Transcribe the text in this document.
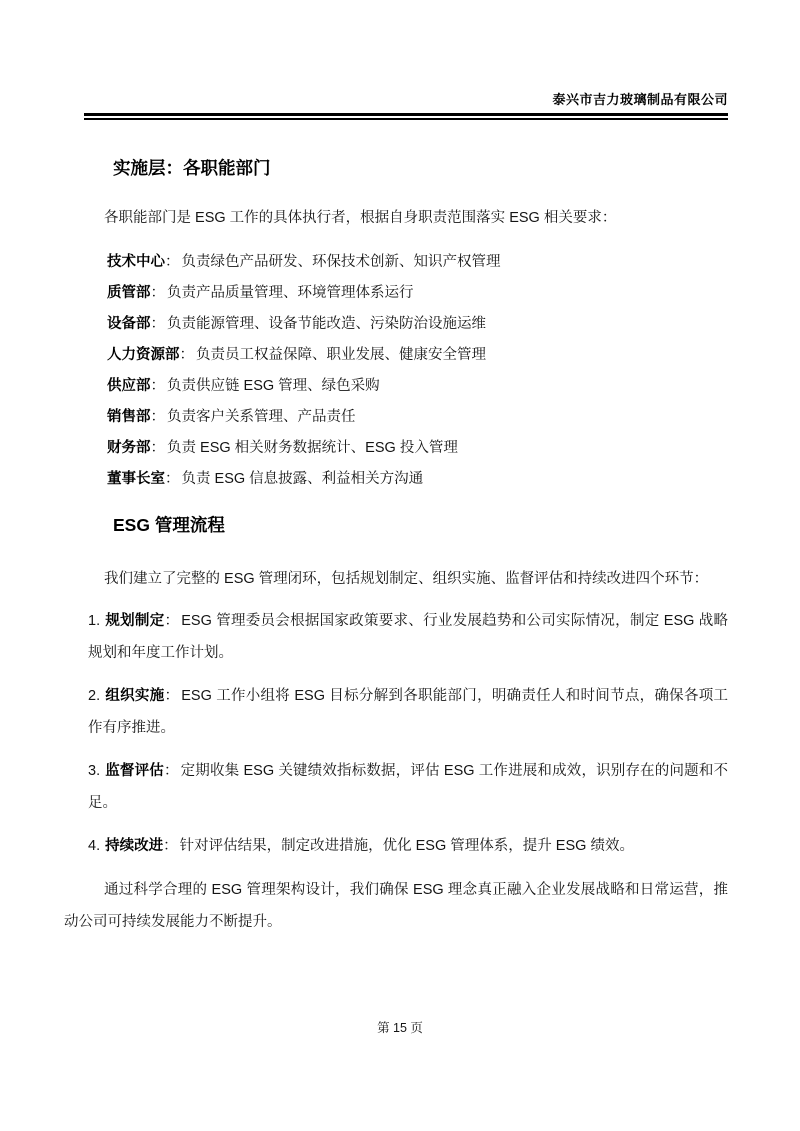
泰兴市吉力玻璃制品有限公司
实施层：各职能部门

各职能部门是 ESG 工作的具体执行者，根据自身职责范围落实 ESG 相关要求：

技术中心： 负责绿色产品研发、环保技术创新、知识产权管理

质管部： 负责产品质量管理、环境管理体系运行

设备部： 负责能源管理、设备节能改造、污染防治设施运维

人力资源部： 负责员工权益保障、职业发展、健康安全管理

供应部： 负责供应链 ESG 管理、绿色采购

销售部： 负责客户关系管理、产品责任

财务部： 负责 ESG 相关财务数据统计、ESG 投入管理

董事长室： 负责 ESG 信息披露、利益相关方沟通

ESG 管理流程

我们建立了完整的 ESG 管理闭环，包括规划制定、组织实施、监督评估和持续改进四个环节：

1. 规划制定： ESG 管理委员会根据国家政策要求、行业发展趋势和公司实际情况，制定 ESG 战略规划和年度工作计划。

2. 组织实施： ESG 工作小组将 ESG 目标分解到各职能部门，明确责任人和时间节点，确保各项工作有序推进。

3. 监督评估： 定期收集 ESG 关键绩效指标数据，评估 ESG 工作进展和成效，识别存在的问题和不足。

4. 持续改进： 针对评估结果，制定改进措施，优化 ESG 管理体系，提升 ESG 绩效。

通过科学合理的 ESG 管理架构设计，我们确保 ESG 理念真正融入企业发展战略和日常运营，推动公司可持续发展能力不断提升。

第 15 页
